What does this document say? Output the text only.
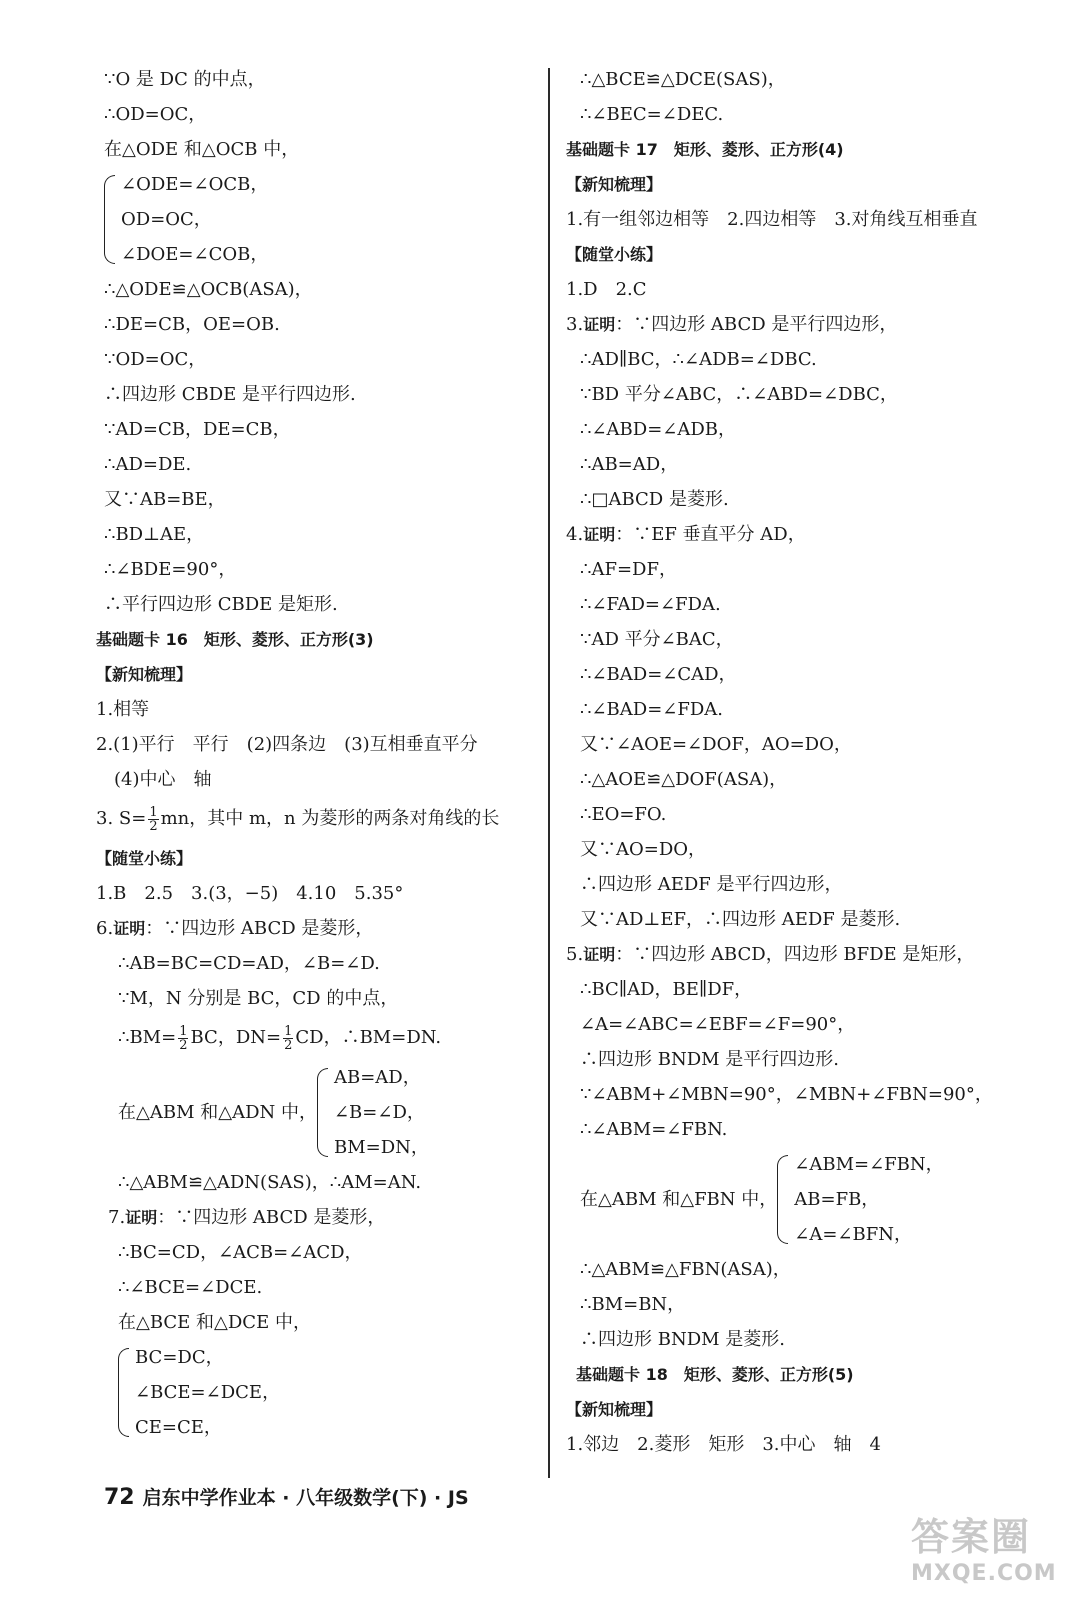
∵O 是 DC 的中点，
∴OD=OC，
在△ODE 和△OCB 中，
∠ODE=∠OCB，
OD=OC，
∠DOE=∠COB，
∴△ODE≌△OCB(ASA)，
∴DE=CB，OE=OB.
∵OD=OC，
∴四边形 CBDE 是平行四边形.
∵AD=CB，DE=CB，
∴AD=DE.
又∵AB=BE，
∴BD⊥AE，
∴∠BDE=90°，
∴平行四边形 CBDE 是矩形.
基础题卡 16　矩形、菱形、正方形(3)
【新知梳理】
1.相等
2.(1)平行　平行　(2)四条边　(3)互相垂直平分
(4)中心　轴
3. $S= \frac{1}{2}$ mn，其中 m，n 为菱形的两条对角线的长
【随堂小练】
1.B　2.5　3.(3，−5)　4.10　5.35°
6.证明：∵四边形 ABCD 是菱形，
∴AB=BC=CD=AD，∠B=∠D.
∵M，N 分别是 BC，CD 的中点，
∴BM= $\frac{1}{2}$ BC，$DN= \frac{1}{2}$ CD，∴BM=DN.
在△ABM 和△ADN 中，
AB=AD，
∠B=∠D，
BM=DN，
∴△ABM≌△ADN(SAS)，∴AM=AN.
7.证明：∵四边形 ABCD 是菱形，
∴BC=CD，∠ACB=∠ACD，
∴∠BCE=∠DCE.
在△BCE 和△DCE 中，
BC=DC，
∠BCE=∠DCE，
CE=CE，
∴△BCE≌△DCE(SAS)，
∴∠BEC=∠DEC.
基础题卡 17　矩形、菱形、正方形(4)
【新知梳理】
1.有一组邻边相等　2.四边相等　3.对角线互相垂直
【随堂小练】
1.D　2.C
3.证明：∵四边形 ABCD 是平行四边形，
∴AD∥BC，∴∠ADB=∠DBC.
∵BD 平分∠ABC，∴∠ABD=∠DBC，
∴∠ABD=∠ADB，
∴AB=AD，
∴□ABCD 是菱形.
4.证明：∵EF 垂直平分 AD，
∴AF=DF，
∴∠FAD=∠FDA.
∵AD 平分∠BAC，
∴∠BAD=∠CAD，
∴∠BAD=∠FDA.
又∵∠AOE=∠DOF，AO=DO，
∴△AOE≌△DOF(ASA)，
∴EO=FO.
又∵AO=DO，
∴四边形 AEDF 是平行四边形，
又∵AD⊥EF，∴四边形 AEDF 是菱形.
5.证明：∵四边形 ABCD，四边形 BFDE 是矩形，
∴BC∥AD，BE∥DF，
∠A=∠ABC=∠EBF=∠F=90°，
∴四边形 BNDM 是平行四边形.
∵∠ABM+∠MBN=90°，∠MBN+∠FBN=90°，
∴∠ABM=∠FBN.
在△ABM 和△FBN 中，
∠ABM=∠FBN，
AB=FB，
∠A=∠BFN，
∴△ABM≌△FBN(ASA)，
∴BM=BN，
∴四边形 BNDM 是菱形.
基础题卡 18　矩形、菱形、正方形(5)
【新知梳理】
1.邻边　2.菱形　矩形　3.中心　轴　4
72 启东中学作业本 · 八年级数学(下) · JS
答案圈
MXQE.COM
